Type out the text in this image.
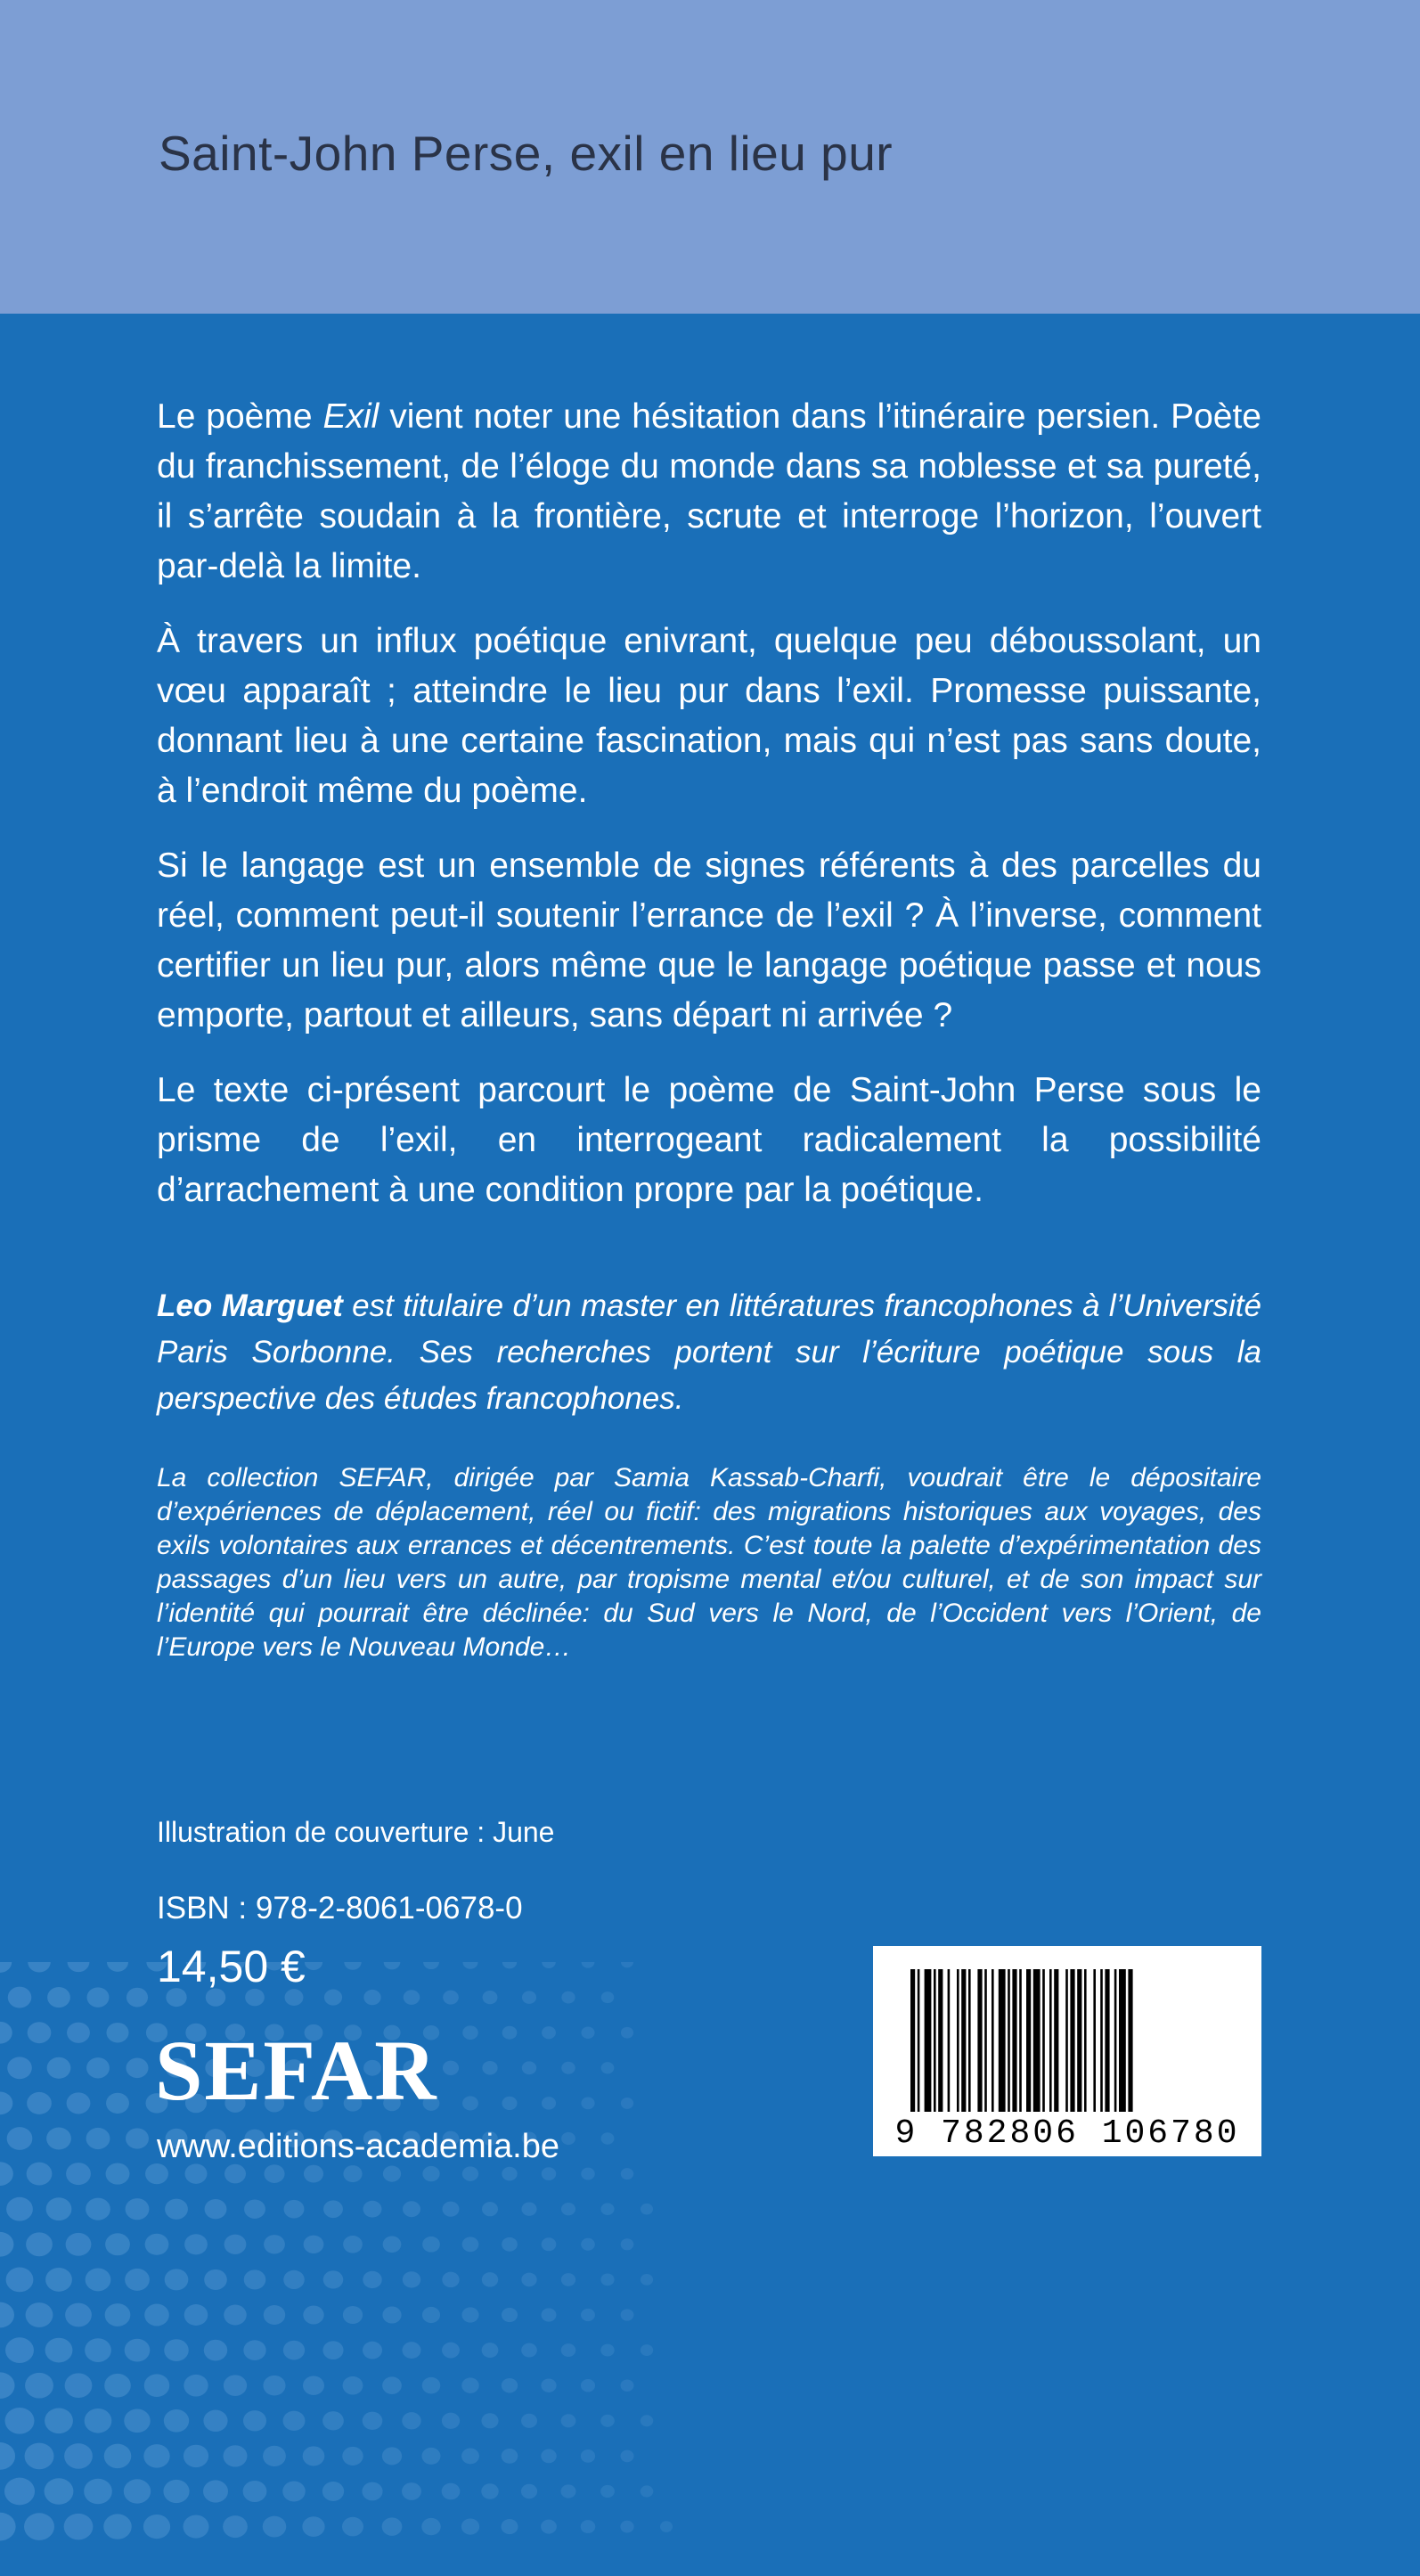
Saint-John Perse, exil en lieu pur

Le poème Exil vient noter une hésitation dans l’itinéraire persien. Poète du franchissement, de l’éloge du monde dans sa noblesse et sa pureté, il s’arrête soudain à la frontière, scrute et interroge l’horizon, l’ouvert par-delà la limite.

À travers un influx poétique enivrant, quelque peu déboussolant, un vœu apparaît ; atteindre le lieu pur dans l’exil. Promesse puissante, donnant lieu à une certaine fascination, mais qui n’est pas sans doute, à l’endroit même du poème.

Si le langage est un ensemble de signes référents à des parcelles du réel, comment peut-il soutenir l’errance de l’exil ? À l’inverse, comment certifier un lieu pur, alors même que le langage poétique passe et nous emporte, partout et ailleurs, sans départ ni arrivée ?

Le texte ci-présent parcourt le poème de Saint-John Perse sous le prisme de l’exil, en interrogeant radicalement la possibilité d’arrachement à une condition propre par la poétique.

Leo Marguet est titulaire d’un master en littératures francophones à l’Université Paris Sorbonne. Ses recherches portent sur l’écriture poétique sous la perspective des études francophones.
La collection SEFAR, dirigée par Samia Kassab-Charfi, voudrait être le dépositaire d’expériences de déplacement, réel ou fictif: des migrations historiques aux voyages, des exils volontaires aux errances et décentrements. C’est toute la palette d’expérimentation des passages d’un lieu vers un autre, par tropisme mental et/ou culturel, et de son impact sur l’identité qui pourrait être déclinée: du Sud vers le Nord, de l’Occident vers l’Orient, de l’Europe vers le Nouveau Monde…
Illustration de couverture : June
ISBN : 978-2-8061-0678-0
14,50 €
SEFAR
www.editions-academia.be	9 782806 106780
